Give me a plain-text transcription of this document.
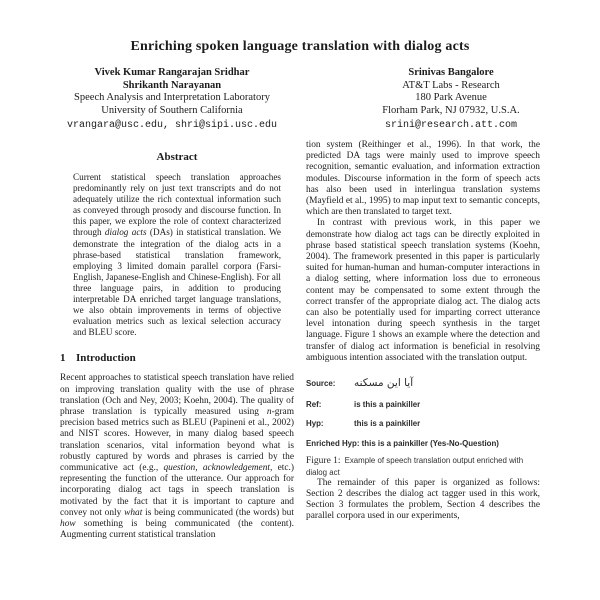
Enriching spoken language translation with dialog acts
Vivek Kumar Rangarajan Sridhar
Shrikanth Narayanan
Speech Analysis and Interpretation Laboratory
University of Southern California
vrangara@usc.edu, shri@sipi.usc.edu
Srinivas Bangalore
AT&T Labs - Research
180 Park Avenue
Florham Park, NJ 07932, U.S.A.
srini@research.att.com
Abstract
Current statistical speech translation approaches predominantly rely on just text transcripts and do not adequately utilize the rich contextual information such as conveyed through prosody and discourse function. In this paper, we explore the role of context characterized through dialog acts (DAs) in statistical translation. We demonstrate the integration of the dialog acts in a phrase-based statistical translation framework, employing 3 limited domain parallel corpora (Farsi-English, Japanese-English and Chinese-English). For all three language pairs, in addition to producing interpretable DA enriched target language translations, we also obtain improvements in terms of objective evaluation metrics such as lexical selection accuracy and BLEU score.
1 Introduction

Recent approaches to statistical speech translation have relied on improving translation quality with the use of phrase translation (Och and Ney, 2003; Koehn, 2004). The quality of phrase translation is typically measured using n-gram precision based metrics such as BLEU (Papineni et al., 2002) and NIST scores. However, in many dialog based speech translation scenarios, vital information beyond what is robustly captured by words and phrases is carried by the communicative act (e.g., question, acknowledgement, etc.) representing the function of the utterance. Our approach for incorporating dialog act tags in speech translation is motivated by the fact that it is important to capture and convey not only what is being communicated (the words) but how something is being communicated (the content). Augmenting current statistical translation

tion system (Reithinger et al., 1996). In that work, the predicted DA tags were mainly used to improve speech recognition, semantic evaluation, and information extraction modules. Discourse information in the form of speech acts has also been used in interlingua translation systems (Mayfield et al., 1995) to map input text to semantic concepts, which are then translated to target text.

In contrast with previous work, in this paper we demonstrate how dialog act tags can be directly exploited in phrase based statistical speech translation systems (Koehn, 2004). The framework presented in this paper is particularly suited for human-human and human-computer interactions in a dialog setting, where information loss due to erroneous content may be compensated to some extent through the correct transfer of the appropriate dialog act. The dialog acts can also be potentially used for imparting correct utterance level intonation during speech synthesis in the target language. Figure 1 shows an example where the detection and transfer of dialog act information is beneficial in resolving ambiguous intention associated with the translation output.

Source:	آیا این مسکنه
Ref:	is this a painkiller
Hyp:	this is a painkiller
Enriched Hyp: this is a painkiller (Yes-No-Question)
Figure 1: Example of speech translation output enriched with dialog act

The remainder of this paper is organized as follows: Section 2 describes the dialog act tagger used in this work, Section 3 formulates the problem, Section 4 describes the parallel corpora used in our experiments,
